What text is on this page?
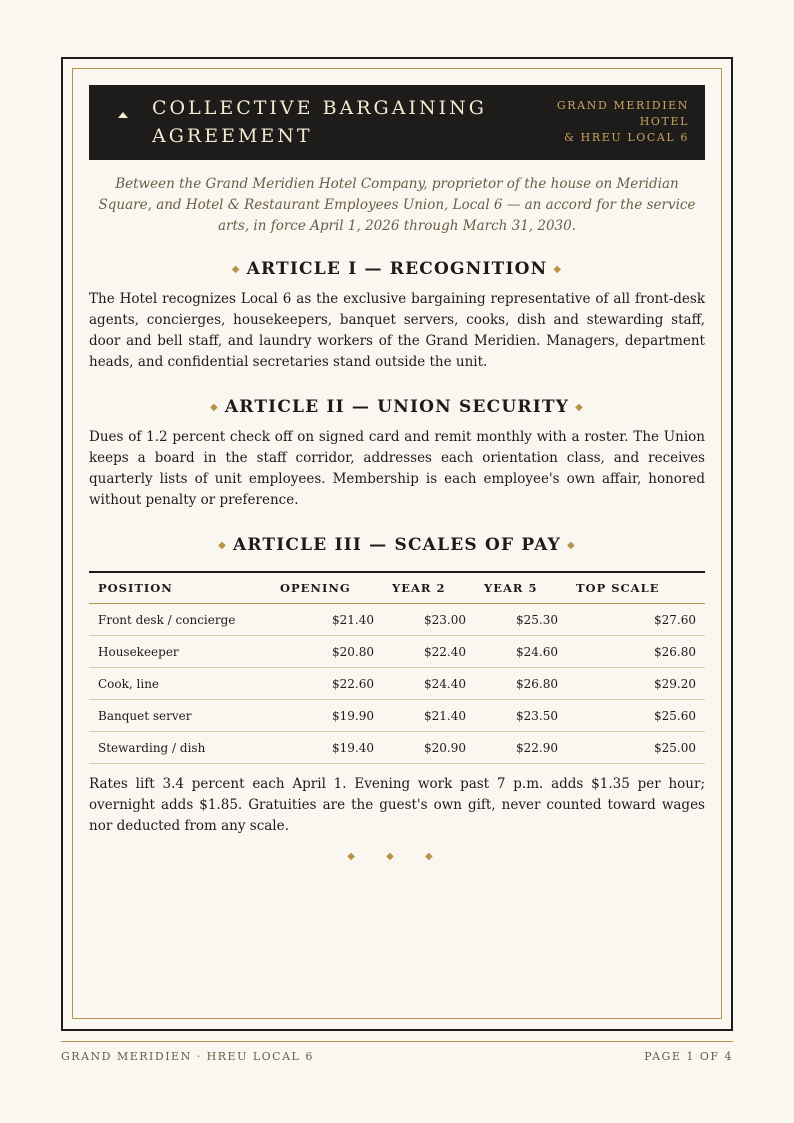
COLLECTIVE BARGAINING AGREEMENT
GRAND MERIDIEN
HOTEL
& HREU LOCAL 6

Between the Grand Meridien Hotel Company, proprietor of the house on Meridian Square, and Hotel & Restaurant Employees Union, Local 6 — an accord for the service arts, in force April 1, 2026 through March 31, 2030.

◆ ARTICLE I — RECOGNITION ◆

The Hotel recognizes Local 6 as the exclusive bargaining representative of all front-desk agents, concierges, housekeepers, banquet servers, cooks, dish and stewarding staff, door and bell staff, and laundry workers of the Grand Meridien. Managers, department heads, and confidential secretaries stand outside the unit.

◆ ARTICLE II — UNION SECURITY ◆

Dues of 1.2 percent check off on signed card and remit monthly with a roster. The Union keeps a board in the staff corridor, addresses each orientation class, and receives quarterly lists of unit employees. Membership is each employee's own affair, honored without penalty or preference.

◆ ARTICLE III — SCALES OF PAY ◆
POSITION	OPENING	YEAR 2	YEAR 5	TOP SCALE
Front desk / concierge	$21.40	$23.00	$25.30	$27.60
Housekeeper	$20.80	$22.40	$24.60	$26.80
Cook, line	$22.60	$24.40	$26.80	$29.20
Banquet server	$19.90	$21.40	$23.50	$25.60
Stewarding / dish	$19.40	$20.90	$22.90	$25.00

Rates lift 3.4 percent each April 1. Evening work past 7 p.m. adds $1.35 per hour; overnight adds $1.85. Gratuities are the guest's own gift, never counted toward wages nor deducted from any scale.

◆ ◆ ◆
GRAND MERIDIEN · HREU LOCAL 6	PAGE 1 OF 4
